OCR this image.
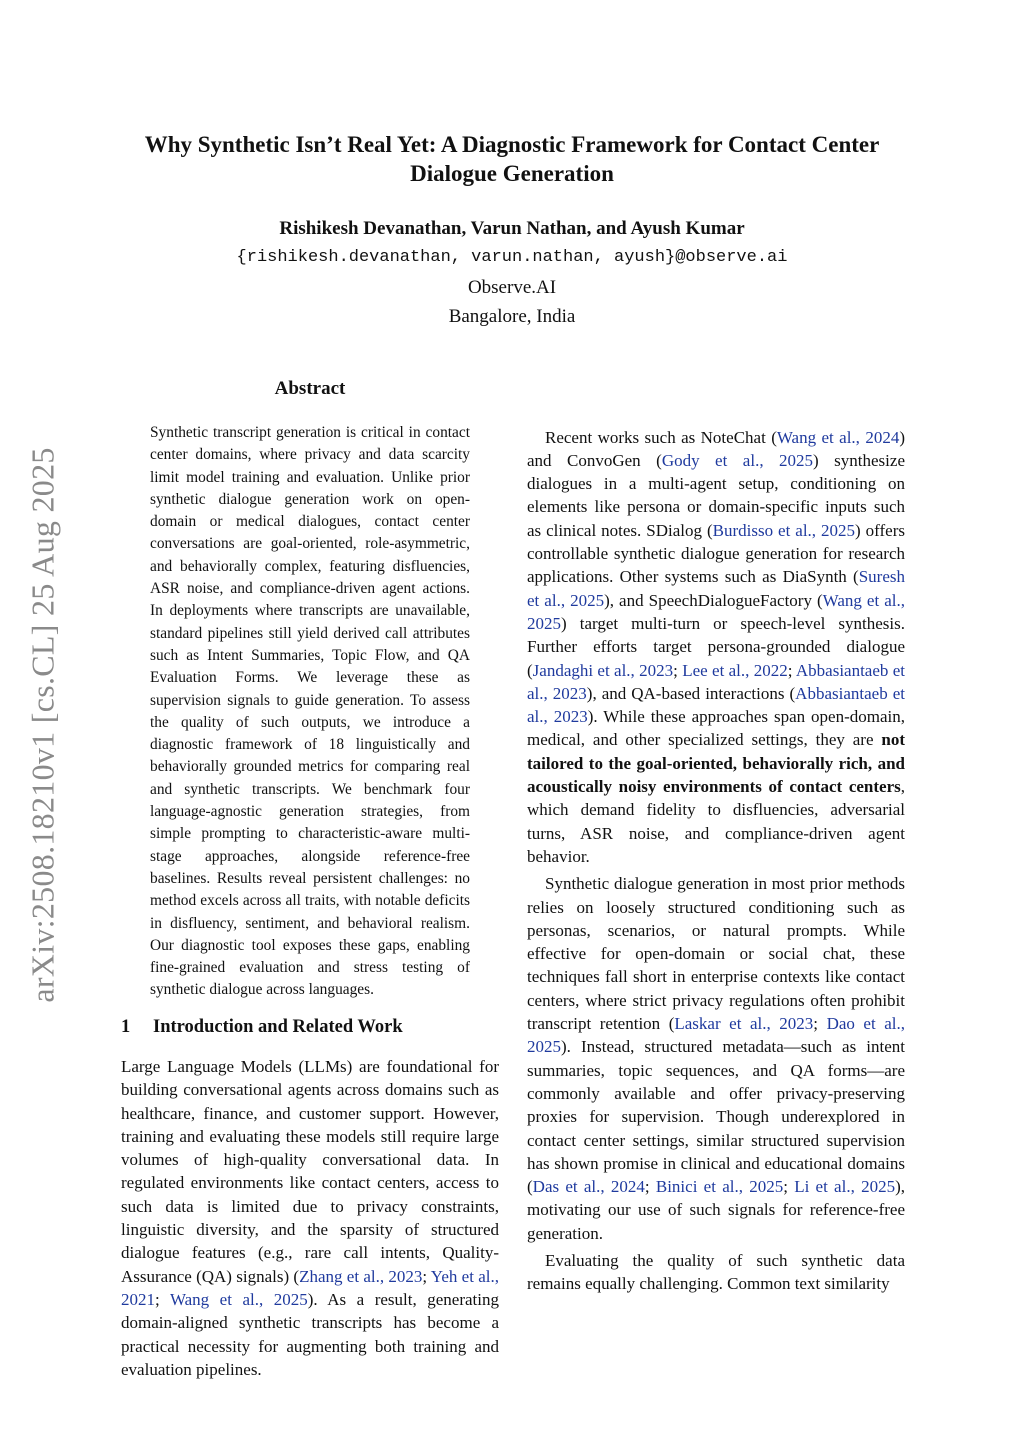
Why Synthetic Isn’t Real Yet: A Diagnostic Framework for Contact Center Dialogue Generation
Rishikesh Devanathan, Varun Nathan, and Ayush Kumar
{rishikesh.devanathan, varun.nathan, ayush}@observe.ai
Observe.AI
Bangalore, India
arXiv:2508.18210v1 [cs.CL] 25 Aug 2025
Abstract
Synthetic transcript generation is critical in contact center domains, where privacy and data scarcity limit model training and evaluation. Unlike prior synthetic dialogue generation work on open-domain or medical dialogues, contact center conversations are goal-oriented, role-asymmetric, and behaviorally complex, featuring disfluencies, ASR noise, and compliance-driven agent actions. In deployments where transcripts are unavailable, standard pipelines still yield derived call attributes such as Intent Summaries, Topic Flow, and QA Evaluation Forms. We leverage these as supervision signals to guide generation. To assess the quality of such outputs, we introduce a diagnostic framework of 18 linguistically and behaviorally grounded metrics for comparing real and synthetic transcripts. We benchmark four language-agnostic generation strategies, from simple prompting to characteristic-aware multi-stage approaches, alongside reference-free baselines. Results reveal persistent challenges: no method excels across all traits, with notable deficits in disfluency, sentiment, and behavioral realism. Our diagnostic tool exposes these gaps, enabling fine-grained evaluation and stress testing of synthetic dialogue across languages.
1 Introduction and Related Work

Large Language Models (LLMs) are foundational for building conversational agents across domains such as healthcare, finance, and customer support. However, training and evaluating these models still require large volumes of high-quality conversational data. In regulated environments like contact centers, access to such data is limited due to privacy constraints, linguistic diversity, and the sparsity of structured dialogue features (e.g., rare call intents, Quality-Assurance (QA) signals) (Zhang et al., 2023; Yeh et al., 2021; Wang et al., 2025). As a result, generating domain-aligned synthetic transcripts has become a practical necessity for augmenting both training and evaluation pipelines.

Recent works such as NoteChat (Wang et al., 2024) and ConvoGen (Gody et al., 2025) synthesize dialogues in a multi-agent setup, conditioning on elements like persona or domain-specific inputs such as clinical notes. SDialog (Burdisso et al., 2025) offers controllable synthetic dialogue generation for research applications. Other systems such as DiaSynth (Suresh et al., 2025), and SpeechDialogueFactory (Wang et al., 2025) target multi-turn or speech-level synthesis. Further efforts target persona-grounded dialogue (Jandaghi et al., 2023; Lee et al., 2022; Abbasiantaeb et al., 2023), and QA-based interactions (Abbasiantaeb et al., 2023). While these approaches span open-domain, medical, and other specialized settings, they are not tailored to the goal-oriented, behaviorally rich, and acoustically noisy environments of contact centers, which demand fidelity to disfluencies, adversarial turns, ASR noise, and compliance-driven agent behavior.

Synthetic dialogue generation in most prior methods relies on loosely structured conditioning such as personas, scenarios, or natural prompts. While effective for open-domain or social chat, these techniques fall short in enterprise contexts like contact centers, where strict privacy regulations often prohibit transcript retention (Laskar et al., 2023; Dao et al., 2025). Instead, structured metadata—such as intent summaries, topic sequences, and QA forms—are commonly available and offer privacy-preserving proxies for supervision. Though underexplored in contact center settings, similar structured supervision has shown promise in clinical and educational domains (Das et al., 2024; Binici et al., 2025; Li et al., 2025), motivating our use of such signals for reference-free generation.

Evaluating the quality of such synthetic data remains equally challenging. Common text similarity
